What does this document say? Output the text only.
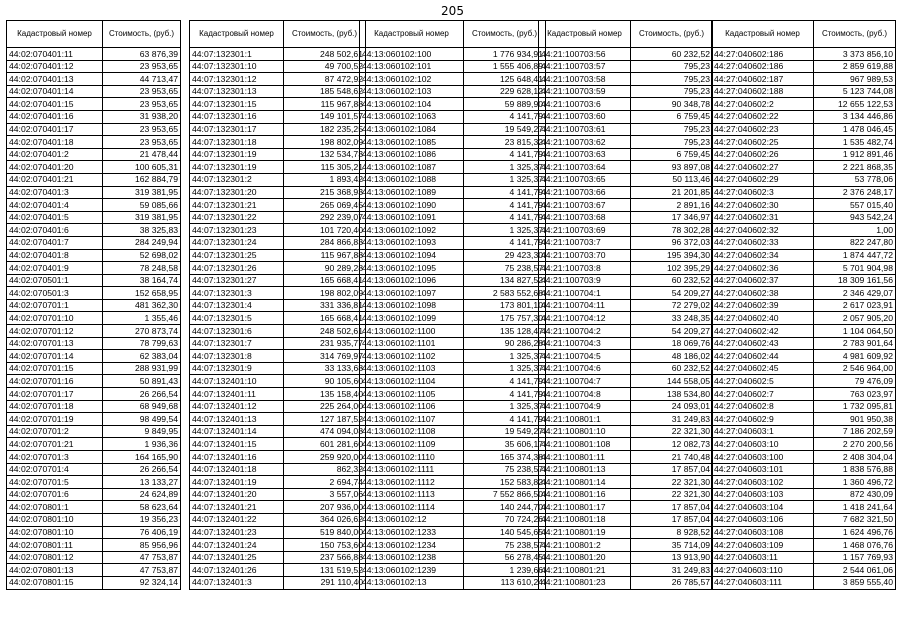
205
Кадастровый номер	Стоимость, (руб.)
44:02:070401:11	63 876,39
44:02:070401:12	23 953,65
44:02:070401:13	44 713,47
44:02:070401:14	23 953,65
44:02:070401:15	23 953,65
44:02:070401:16	31 938,20
44:02:070401:17	23 953,65
44:02:070401:18	23 953,65
44:02:070401:2	21 478,44
44:02:070401:20	100 605,31
44:02:070401:21	162 884,79
44:02:070401:3	319 381,95
44:02:070401:4	59 085,66
44:02:070401:5	319 381,95
44:02:070401:6	38 325,83
44:02:070401:7	284 249,94
44:02:070401:8	52 698,02
44:02:070401:9	78 248,58
44:02:070501:1	38 164,74
44:02:070501:3	152 658,95
44:02:070701:1	481 362,30
44:02:070701:10	1 355,46
44:02:070701:12	270 873,74
44:02:070701:13	78 799,63
44:02:070701:14	62 383,04
44:02:070701:15	288 931,99
44:02:070701:16	50 891,43
44:02:070701:17	26 266,54
44:02:070701:18	68 949,68
44:02:070701:19	98 499,54
44:02:070701:2	9 849,95
44:02:070701:21	1 936,36
44:02:070701:3	164 165,90
44:02:070701:4	26 266,54
44:02:070701:5	13 133,27
44:02:070701:6	24 624,89
44:02:070801:1	58 623,64
44:02:070801:10	19 356,23
44:02:070801:10	76 406,19
44:02:070801:11	85 956,96
44:02:070801:12	47 753,87
44:02:070801:13	47 753,87
44:02:070801:15	92 324,14
Кадастровый номер	Стоимость, (руб.)
44:07:132301:1	248 502,61
44:07:132301:10	49 700,52
44:07:132301:12	87 472,92
44:07:132301:13	185 548,62
44:07:132301:15	115 967,88
44:07:132301:16	149 101,57
44:07:132301:17	182 235,25
44:07:132301:18	198 802,09
44:07:132301:19	132 534,73
44:07:132301:19	115 305,21
44:07:132301:2	1 893,42
44:07:132301:20	215 368,93
44:07:132301:21	265 069,45
44:07:132301:22	292 239,07
44:07:132301:23	101 720,40
44:07:132301:24	284 866,83
44:07:132301:25	115 967,88
44:07:132301:26	90 289,28
44:07:132301:27	165 668,41
44:07:132301:3	198 802,09
44:07:132301:4	331 336,81
44:07:132301:5	165 668,41
44:07:132301:6	248 502,61
44:07:132301:7	231 935,77
44:07:132301:8	314 769,97
44:07:132301:9	33 133,68
44:07:132401:10	90 105,60
44:07:132401:11	135 158,40
44:07:132401:12	225 264,00
44:07:132401:13	127 187,52
44:07:132401:14	474 094,08
44:07:132401:15	601 281,60
44:07:132401:16	259 920,00
44:07:132401:18	862,32
44:07:132401:19	2 694,74
44:07:132401:20	3 557,06
44:07:132401:21	207 936,00
44:07:132401:22	364 026,62
44:07:132401:23	519 840,00
44:07:132401:24	150 753,60
44:07:132401:25	237 566,88
44:07:132401:26	131 519,52
44:07:132401:3	291 110,40
Кадастровый номер	Стоимость, (руб.)
44:13:060102:100	1 776 934,91
44:13:060102:101	1 555 406,89
44:13:060102:102	125 648,41
44:13:060102:103	229 628,12
44:13:060102:104	59 889,90
44:13:060102:1063	4 141,79
44:13:060102:1084	19 549,27
44:13:060102:1085	23 815,32
44:13:060102:1086	4 141,79
44:13:060102:1087	1 325,37
44:13:060102:1088	1 325,37
44:13:060102:1089	4 141,79
44:13:060102:1090	4 141,79
44:13:060102:1091	4 141,79
44:13:060102:1092	1 325,37
44:13:060102:1093	4 141,79
44:13:060102:1094	29 423,30
44:13:060102:1095	75 238,57
44:13:060102:1096	134 827,52
44:13:060102:1097	2 583 552,68
44:13:060102:1098	173 801,10
44:13:060102:1099	175 757,30
44:13:060102:1100	135 128,47
44:13:060102:1101	90 286,28
44:13:060102:1102	1 325,37
44:13:060102:1103	1 325,37
44:13:060102:1104	4 141,79
44:13:060102:1105	4 141,79
44:13:060102:1106	1 325,37
44:13:060102:1107	4 141,79
44:13:060102:1108	19 549,27
44:13:060102:1109	35 606,17
44:13:060102:1110	165 374,38
44:13:060102:1111	75 238,57
44:13:060102:1112	152 583,82
44:13:060102:1113	7 552 866,50
44:13:060102:1114	140 244,70
44:13:060102:12	70 724,26
44:13:060102:1233	140 545,65
44:13:060102:1234	75 238,57
44:13:060102:1238	56 278,45
44:13:060102:1239	1 239,66
44:13:060102:13	113 610,24
Кадастровый номер	Стоимость, (руб.)
44:21:100703:56	60 232,52
44:21:100703:57	795,23
44:21:100703:58	795,23
44:21:100703:59	795,23
44:21:100703:6	90 348,78
44:21:100703:60	6 759,45
44:21:100703:61	795,23
44:21:100703:62	795,23
44:21:100703:63	6 759,45
44:21:100703:64	93 897,08
44:21:100703:65	50 113,46
44:21:100703:66	21 201,85
44:21:100703:67	2 891,16
44:21:100703:68	17 346,97
44:21:100703:69	78 302,28
44:21:100703:7	96 372,03
44:21:100703:70	195 394,30
44:21:100703:8	102 395,29
44:21:100703:9	60 232,52
44:21:100704:1	54 209,27
44:21:100704:11	72 279,02
44:21:100704:12	33 248,35
44:21:100704:2	54 209,27
44:21:100704:3	18 069,76
44:21:100704:5	48 186,02
44:21:100704:6	60 232,52
44:21:100704:7	144 558,05
44:21:100704:8	138 534,80
44:21:100704:9	24 093,01
44:21:100801:1	31 249,83
44:21:100801:10	22 321,30
44:21:100801:108	12 082,73
44:21:100801:11	21 740,48
44:21:100801:13	17 857,04
44:21:100801:14	22 321,30
44:21:100801:16	22 321,30
44:21:100801:17	17 857,04
44:21:100801:18	17 857,04
44:21:100801:19	8 928,52
44:21:100801:2	35 714,09
44:21:100801:20	13 913,90
44:21:100801:21	31 249,83
44:21:100801:23	26 785,57
Кадастровый номер	Стоимость, (руб.)
44:27:040602:186	3 373 856,10
44:27:040602:186	2 859 619,88
44:27:040602:187	967 989,53
44:27:040602:188	5 123 744,08
44:27:040602:2	12 655 122,53
44:27:040602:22	3 134 446,86
44:27:040602:23	1 478 046,45
44:27:040602:25	1 535 482,74
44:27:040602:26	1 912 891,46
44:27:040602:27	2 221 868,35
44:27:040602:29	53 778,06
44:27:040602:3	2 376 248,17
44:27:040602:30	557 015,40
44:27:040602:31	943 542,24
44:27:040602:32	1,00
44:27:040602:33	822 247,80
44:27:040602:34	1 874 447,72
44:27:040602:36	5 701 904,98
44:27:040602:37	18 309 161,56
44:27:040602:38	2 346 429,07
44:27:040602:39	2 617 023,91
44:27:040602:40	2 057 905,20
44:27:040602:42	1 104 064,50
44:27:040602:43	2 783 901,64
44:27:040602:44	4 981 609,92
44:27:040602:45	2 546 964,00
44:27:040602:5	79 476,09
44:27:040602:7	763 023,97
44:27:040602:8	1 732 095,81
44:27:040602:9	901 950,38
44:27:040603:1	7 186 202,59
44:27:040603:10	2 270 200,56
44:27:040603:100	2 408 304,04
44:27:040603:101	1 838 576,88
44:27:040603:102	1 360 496,72
44:27:040603:103	872 430,09
44:27:040603:104	1 418 241,64
44:27:040603:106	7 682 321,50
44:27:040603:108	1 624 496,76
44:27:040603:109	1 468 076,76
44:27:040603:11	1 157 769,93
44:27:040603:110	2 544 061,06
44:27:040603:111	3 859 555,40
